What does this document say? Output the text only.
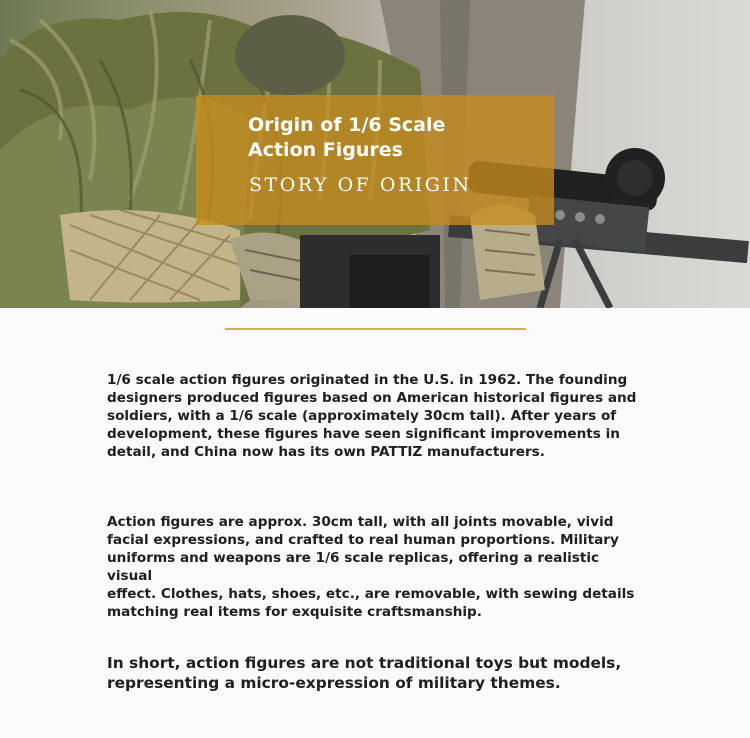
Origin of 1/6 Scale
Action Figures
STORY OF ORIGIN
1/6 scale action figures originated in the U.S. in 1962. The founding
designers produced figures based on American historical figures and
soldiers, with a 1/6 scale (approximately 30cm tall). After years of
development, these figures have seen significant improvements in
detail, and China now has its own PATTIZ manufacturers.
Action figures are approx. 30cm tall, with all joints movable, vivid
facial expressions, and crafted to real human proportions. Military
uniforms and weapons are 1/6 scale replicas, offering a realistic visual
effect. Clothes, hats, shoes, etc., are removable, with sewing details
matching real items for exquisite craftsmanship.
In short, action figures are not traditional toys but models,
representing a micro-expression of military themes.
